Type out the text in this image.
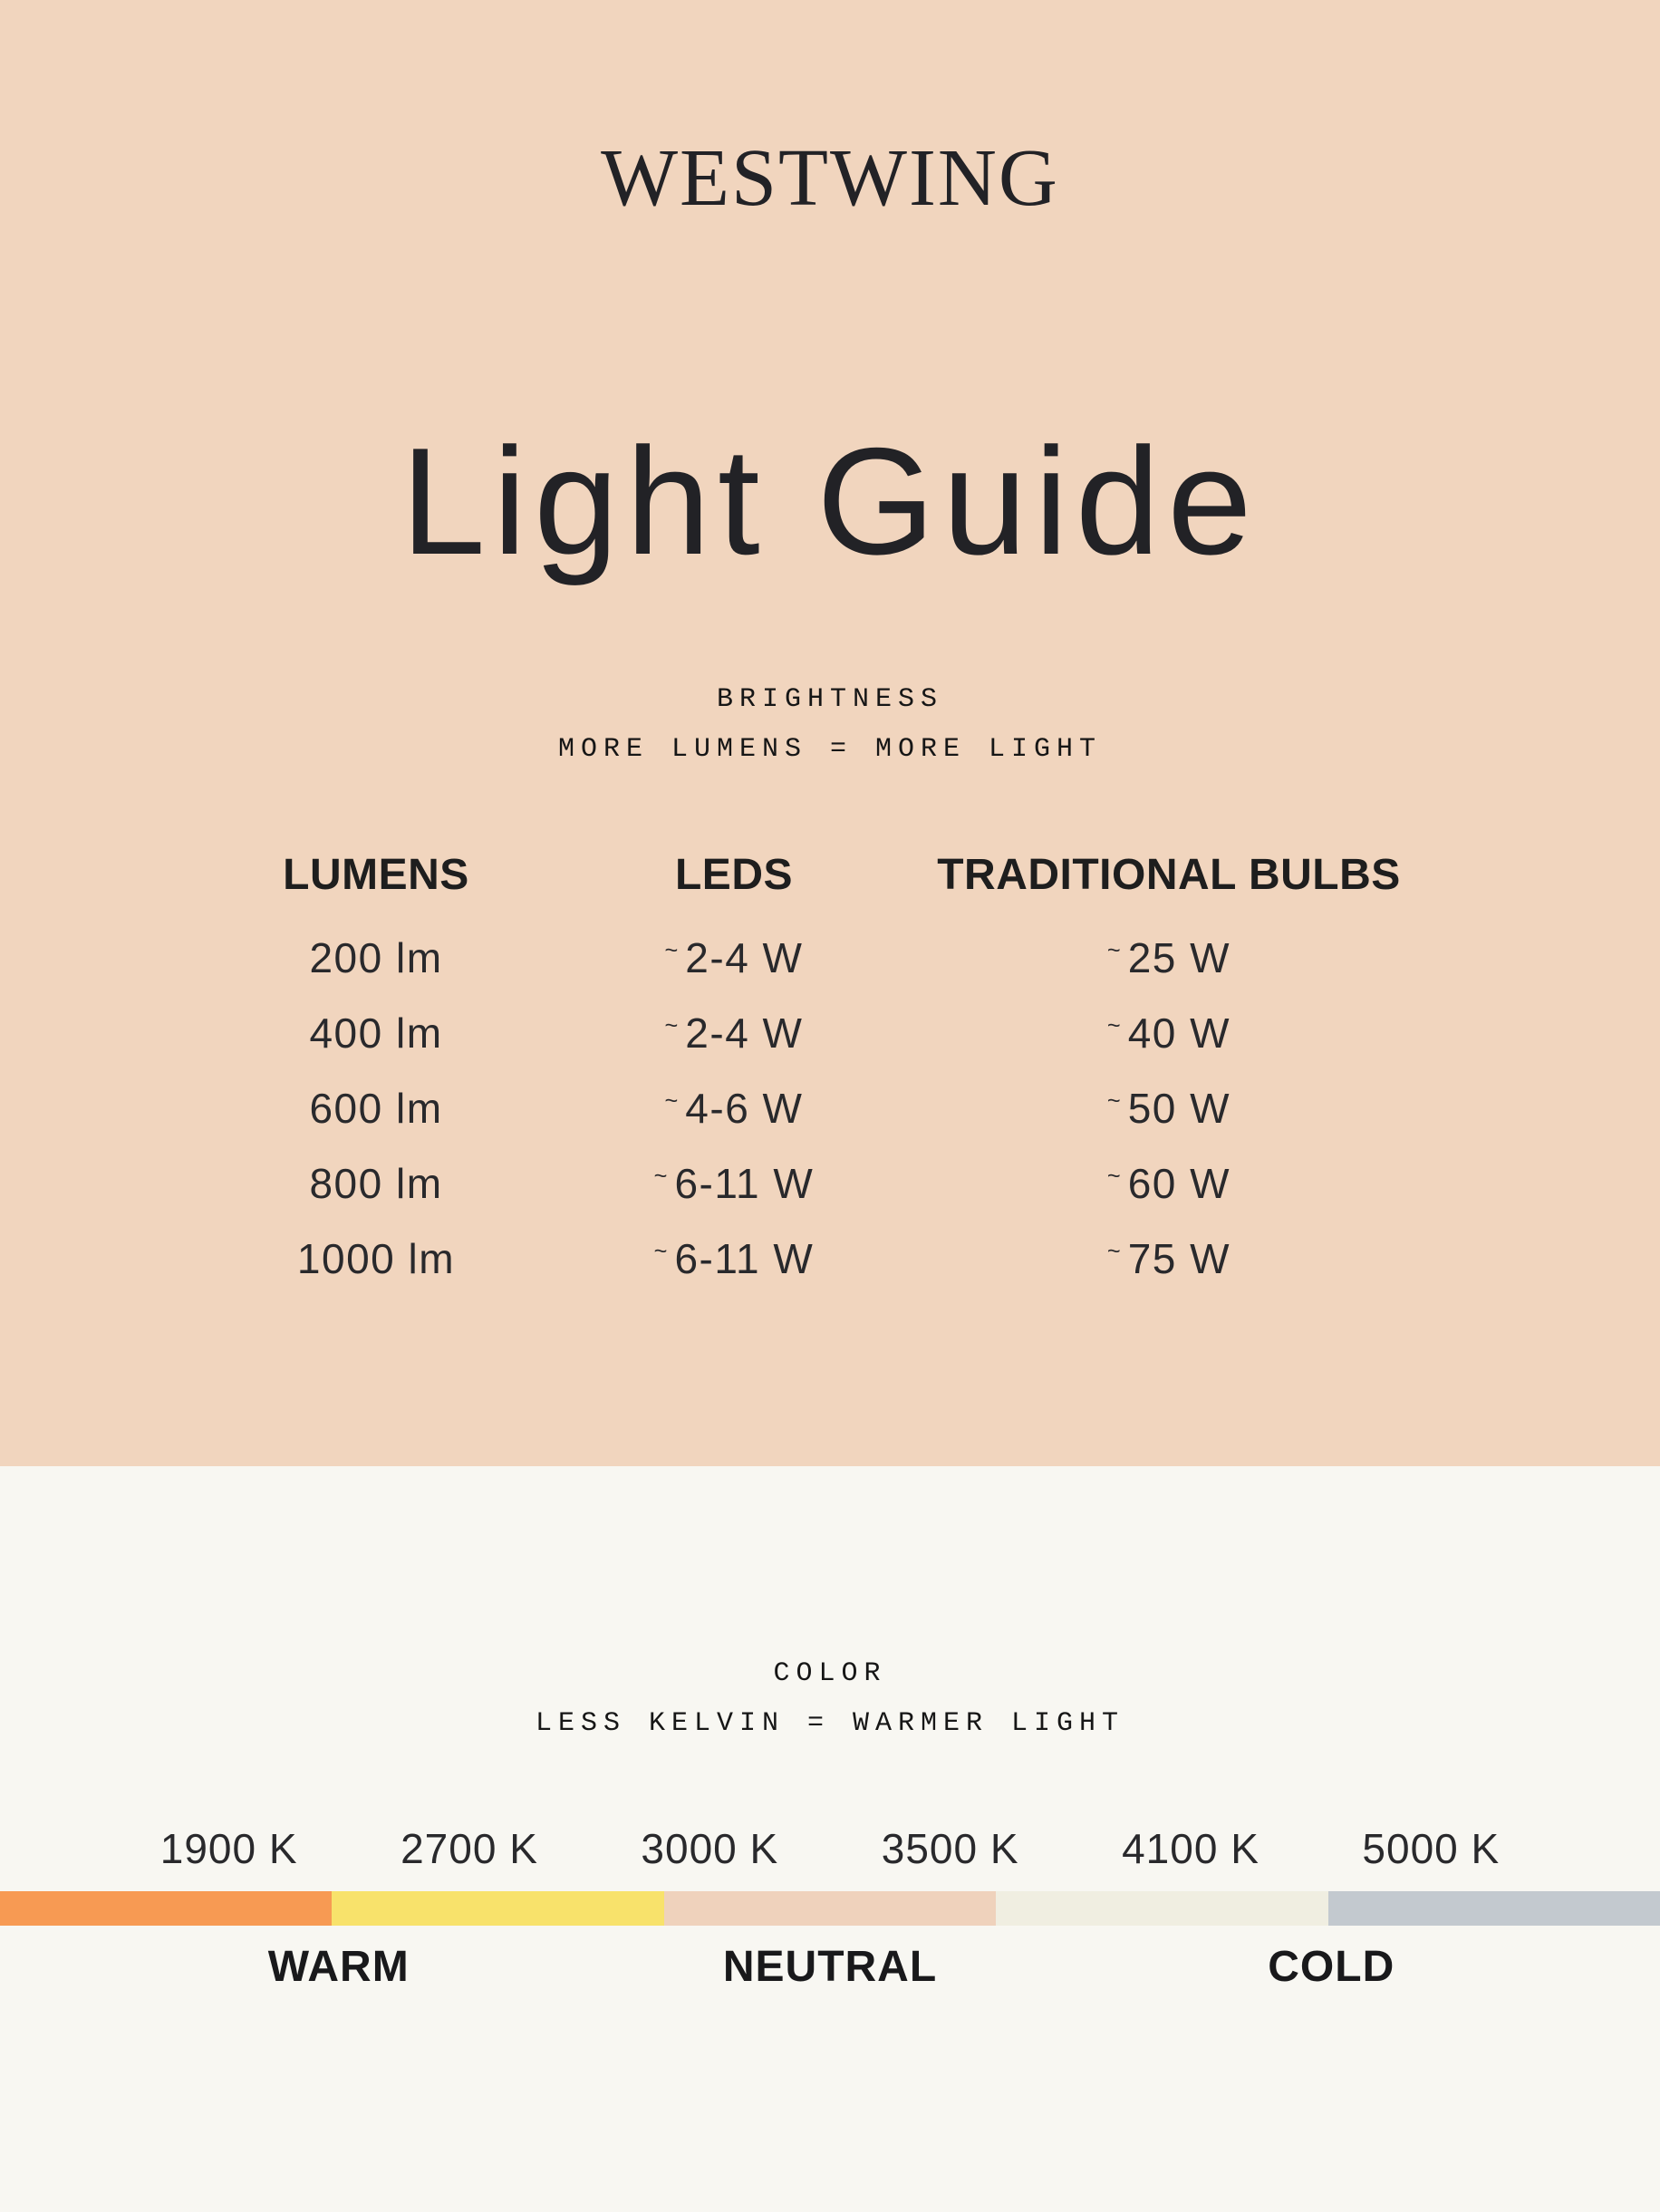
WESTWING
Light Guide
BRIGHTNESS
MORE LUMENS = MORE LIGHT
LUMENS	LEDS	TRADITIONAL BULBS
200 lm	~ 2-4 W	~ 25 W
400 lm	~ 2-4 W	~ 40 W
600 lm	~ 4-6 W	~ 50 W
800 lm	~ 6-11 W	~ 60 W
1000 lm	~ 6-11 W	~ 75 W
COLOR
LESS KELVIN = WARMER LIGHT
1900 K	2700 K	3000 K	3500 K	4100 K	5000 K
WARM	NEUTRAL	COLD
